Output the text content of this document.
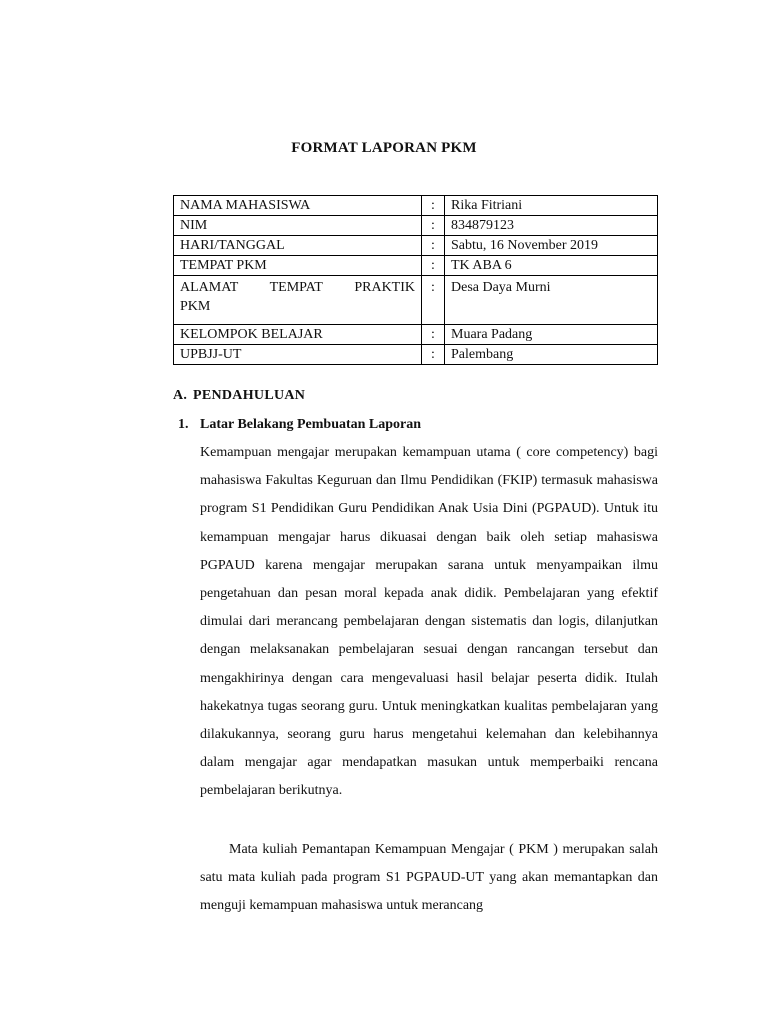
FORMAT LAPORAN PKM
NAMA MAHASISWA	:	Rika Fitriani
NIM	:	834879123
HARI/TANGGAL	:	Sabtu, 16 November 2019
TEMPAT PKM	:	TK ABA 6

ALAMAT TEMPAT PRAKTIK
PKM	:	Desa Daya Murni
KELOMPOK BELAJAR	:	Muara Padang
UPBJJ-UT	:	Palembang
A. PENDAHULUAN
1. Latar Belakang Pembuatan Laporan

Kemampuan mengajar merupakan kemampuan utama ( core competency) bagi mahasiswa Fakultas Keguruan dan Ilmu Pendidikan (FKIP) termasuk mahasiswa program S1 Pendidikan Guru Pendidikan Anak Usia Dini (PGPAUD). Untuk itu kemampuan mengajar harus dikuasai dengan baik oleh setiap mahasiswa PGPAUD karena mengajar merupakan sarana untuk menyampaikan ilmu pengetahuan dan pesan moral kepada anak didik. Pembelajaran yang efektif dimulai dari merancang pembelajaran dengan sistematis dan logis, dilanjutkan dengan melaksanakan pembelajaran sesuai dengan rancangan tersebut dan mengakhirinya dengan cara mengevaluasi hasil belajar peserta didik. Itulah hakekatnya tugas seorang guru. Untuk meningkatkan kualitas pembelajaran yang dilakukannya, seorang guru harus mengetahui kelemahan dan kelebihannya dalam mengajar agar mendapatkan masukan untuk memperbaiki rencana pembelajaran berikutnya.

Mata kuliah Pemantapan Kemampuan Mengajar ( PKM ) merupakan salah satu mata kuliah pada program S1 PGPAUD-UT yang akan memantapkan dan menguji kemampuan mahasiswa untuk merancang
